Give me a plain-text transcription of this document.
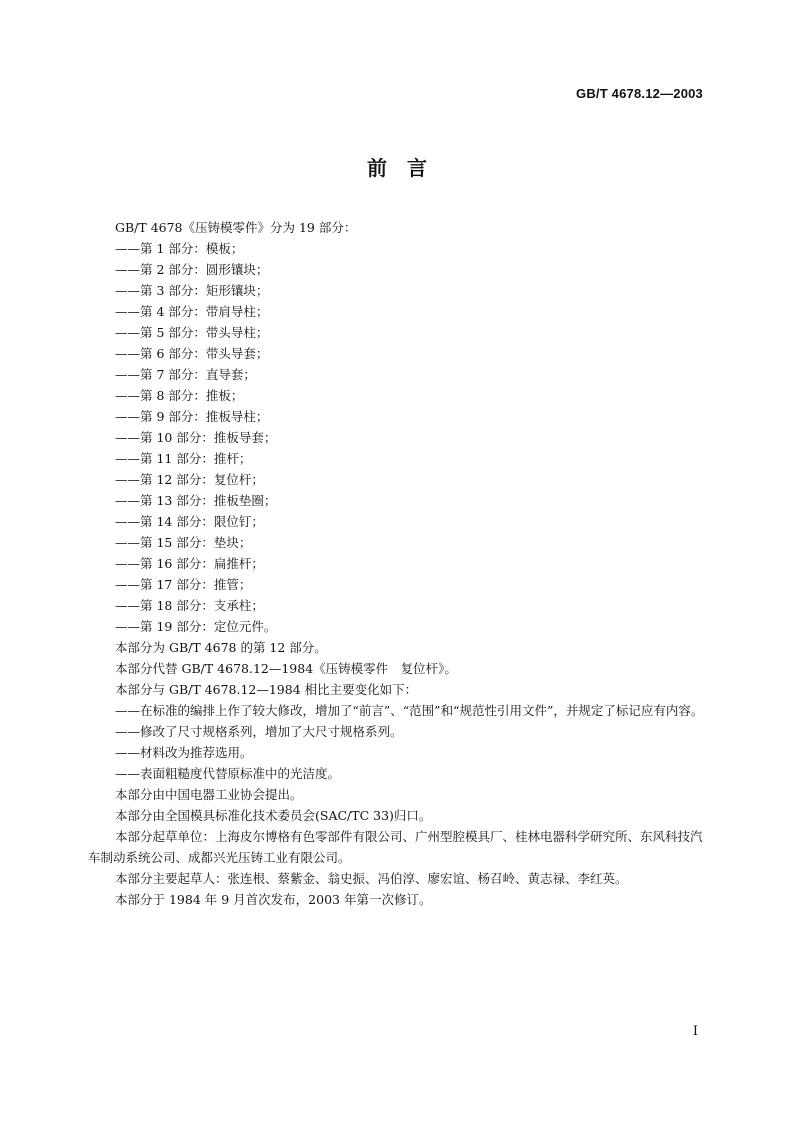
GB/T 4678.12—2003
前　言

GB/T 4678《压铸模零件》分为 19 部分：

——第 1 部分：模板；

——第 2 部分：圆形镶块；

——第 3 部分：矩形镶块；

——第 4 部分：带肩导柱；

——第 5 部分：带头导柱；

——第 6 部分：带头导套；

——第 7 部分：直导套；

——第 8 部分：推板；

——第 9 部分：推板导柱；

——第 10 部分：推板导套；

——第 11 部分：推杆；

——第 12 部分：复位杆；

——第 13 部分：推板垫圈；

——第 14 部分：限位钉；

——第 15 部分：垫块；

——第 16 部分：扁推杆；

——第 17 部分：推管；

——第 18 部分：支承柱；

——第 19 部分：定位元件。

本部分为 GB/T 4678 的第 12 部分。

本部分代替 GB/T 4678.12—1984《压铸模零件　复位杆》。

本部分与 GB/T 4678.12—1984 相比主要变化如下：

——在标准的编排上作了较大修改，增加了“前言”、“范围”和“规范性引用文件”，并规定了标记应有内容。

——修改了尺寸规格系列，增加了大尺寸规格系列。

——材料改为推荐选用。

——表面粗糙度代替原标准中的光洁度。

本部分由中国电器工业协会提出。

本部分由全国模具标准化技术委员会(SAC/TC 33)归口。

本部分起草单位：上海皮尔博格有色零部件有限公司、广州型腔模具厂、桂林电器科学研究所、东风科技汽车制动系统公司、成都兴光压铸工业有限公司。

本部分主要起草人：张连根、蔡紫金、翁史振、冯伯淳、廖宏谊、杨召岭、黄志禄、李红英。

本部分于 1984 年 9 月首次发布，2003 年第一次修订。

I
